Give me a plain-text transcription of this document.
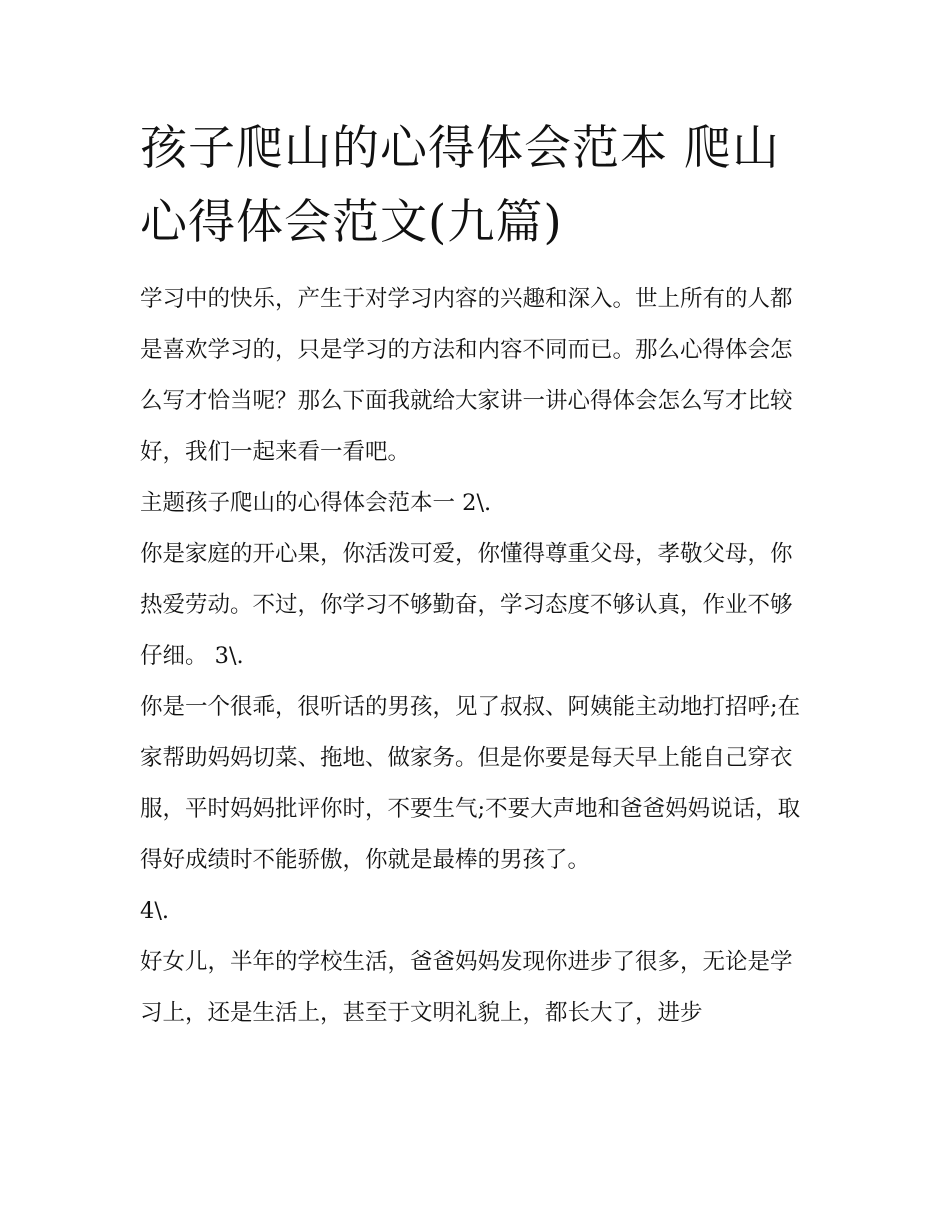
孩子爬山的心得体会范本 爬山心得体会范文(九篇)

学习中的快乐，产生于对学习内容的兴趣和深入。世上所有的人都是喜欢学习的，只是学习的方法和内容不同而已。那么心得体会怎么写才恰当呢？那么下面我就给大家讲一讲心得体会怎么写才比较好，我们一起来看一看吧。

主题孩子爬山的心得体会范本一 2\.

你是家庭的开心果，你活泼可爱，你懂得尊重父母，孝敬父母，你热爱劳动。不过，你学习不够勤奋，学习态度不够认真，作业不够仔细。 3\.

你是一个很乖，很听话的男孩，见了叔叔、阿姨能主动地打招呼;在家帮助妈妈切菜、拖地、做家务。但是你要是每天早上能自己穿衣服，平时妈妈批评你时，不要生气;不要大声地和爸爸妈妈说话，取得好成绩时不能骄傲，你就是最棒的男孩了。

4\.

好女儿，半年的学校生活，爸爸妈妈发现你进步了很多，无论是学习上，还是生活上，甚至于文明礼貌上，都长大了，进步
